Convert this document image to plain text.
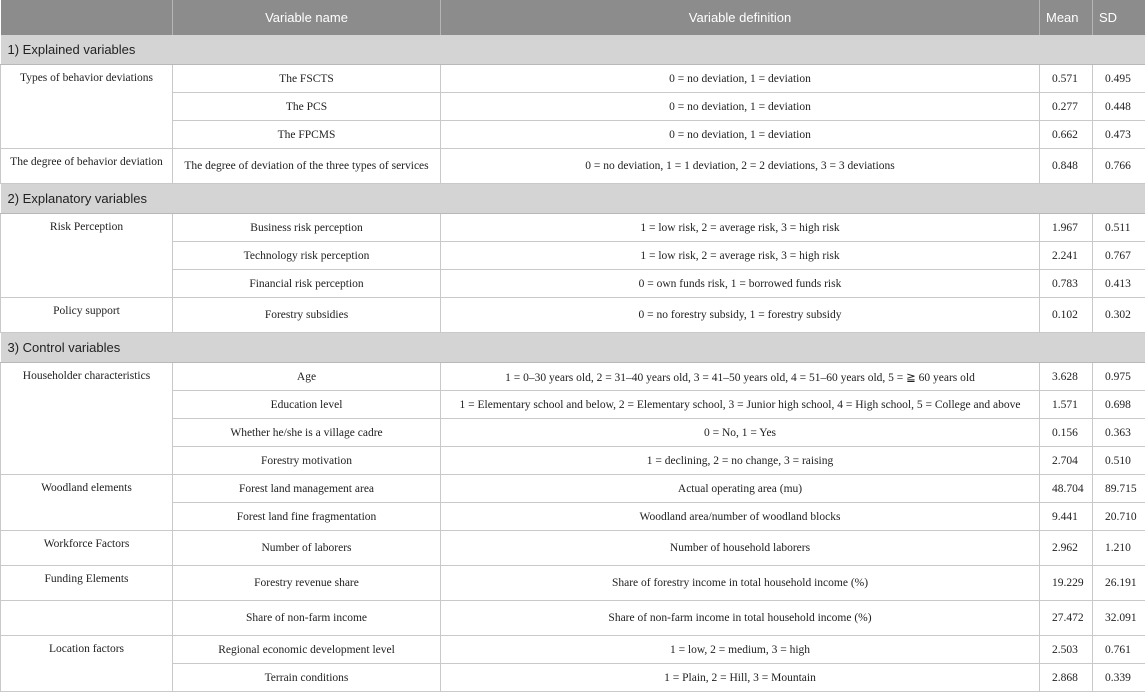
	Variable name	Variable definition	Mean	SD
1) Explained variables				
Types of behavior deviations	The FSCTS	0 = no deviation, 1 = deviation	0.571	0.495
	The PCS	0 = no deviation, 1 = deviation	0.277	0.448
	The FPCMS	0 = no deviation, 1 = deviation	0.662	0.473
The degree of behavior deviation	The degree of deviation of the three types of services	0 = no deviation, 1 = 1 deviation, 2 = 2 deviations, 3 = 3 deviations	0.848	0.766
2) Explanatory variables				
Risk Perception	Business risk perception	1 = low risk, 2 = average risk, 3 = high risk	1.967	0.511
	Technology risk perception	1 = low risk, 2 = average risk, 3 = high risk	2.241	0.767
	Financial risk perception	0 = own funds risk, 1 = borrowed funds risk	0.783	0.413
Policy support	Forestry subsidies	0 = no forestry subsidy, 1 = forestry subsidy	0.102	0.302
3) Control variables				
Householder characteristics	Age	1 = 0–30 years old, 2 = 31–40 years old, 3 = 41–50 years old, 4 = 51–60 years old, 5 = ≧ 60 years old	3.628	0.975
	Education level	1 = Elementary school and below, 2 = Elementary school, 3 = Junior high school, 4 = High school, 5 = College and above	1.571	0.698
	Whether he/she is a village cadre	0 = No, 1 = Yes	0.156	0.363
	Forestry motivation	1 = declining, 2 = no change, 3 = raising	2.704	0.510
Woodland elements	Forest land management area	Actual operating area (mu)	48.704	89.715
	Forest land fine fragmentation	Woodland area/number of woodland blocks	9.441	20.710
Workforce Factors	Number of laborers	Number of household laborers	2.962	1.210
Funding Elements	Forestry revenue share	Share of forestry income in total household income (%)	19.229	26.191
	Share of non-farm income	Share of non-farm income in total household income (%)	27.472	32.091
Location factors	Regional economic development level	1 = low, 2 = medium, 3 = high	2.503	0.761
	Terrain conditions	1 = Plain, 2 = Hill, 3 = Mountain	2.868	0.339
